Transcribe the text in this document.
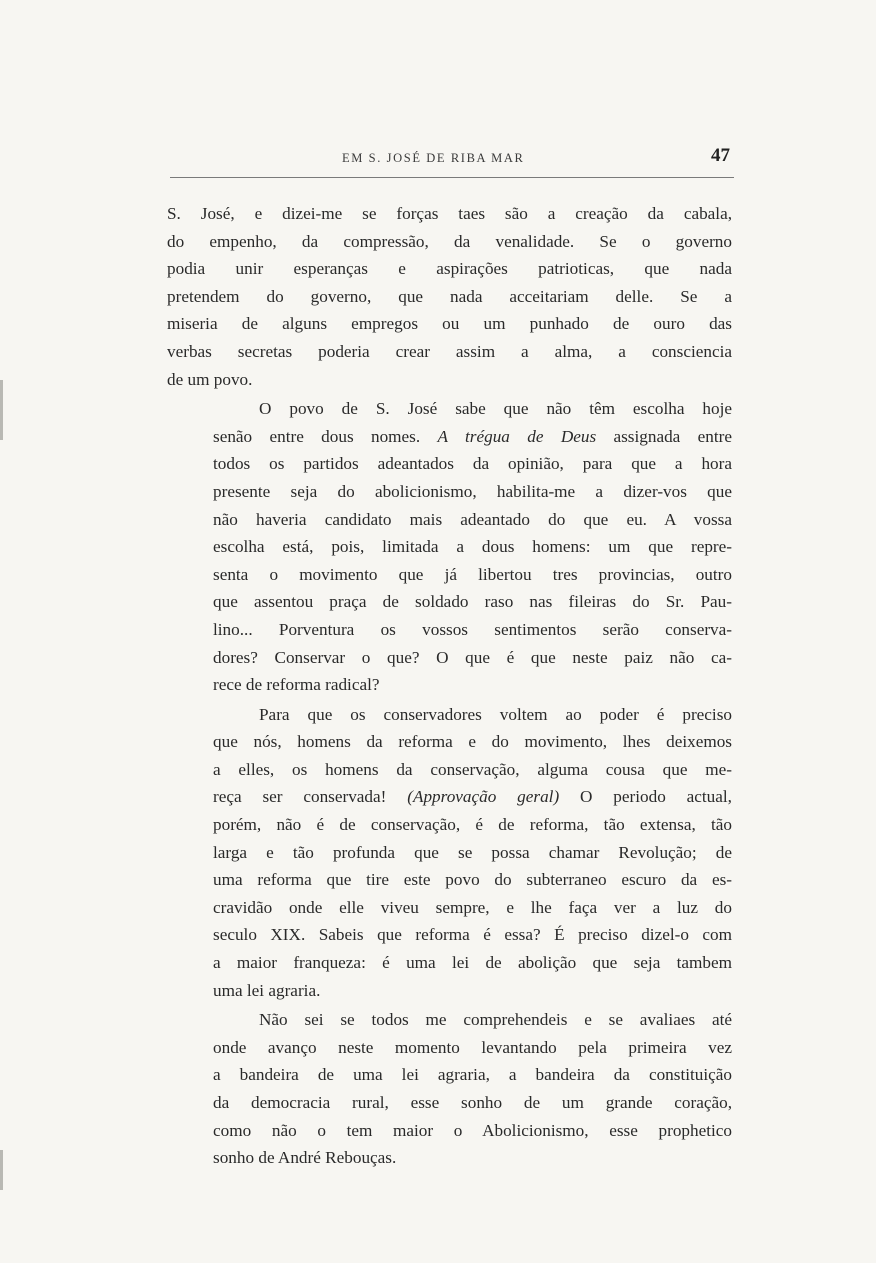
EM S. JOSÉ DE RIBA MAR	47

S. José, e dizei-me se forças taes são a creação da cabala,
do empenho, da compressão, da venalidade. Se o governo
podia unir esperanças e aspirações patrioticas, que nada
pretendem do governo, que nada acceitariam delle. Se a
miseria de alguns empregos ou um punhado de ouro das
verbas secretas poderia crear assim a alma, a consciencia
de um povo.

O povo de S. José sabe que não têm escolha hoje
senão entre dous nomes. A trégua de Deus assignada entre
todos os partidos adeantados da opinião, para que a hora
presente seja do abolicionismo, habilita-me a dizer-vos que
não haveria candidato mais adeantado do que eu. A vossa
escolha está, pois, limitada a dous homens: um que repre-
senta o movimento que já libertou tres provincias, outro
que assentou praça de soldado raso nas fileiras do Sr. Pau-
lino... Porventura os vossos sentimentos serão conserva-
dores? Conservar o que? O que é que neste paiz não ca-
rece de reforma radical?

Para que os conservadores voltem ao poder é preciso
que nós, homens da reforma e do movimento, lhes deixemos
a elles, os homens da conservação, alguma cousa que me-
reça ser conservada! (Approvação geral) O periodo actual,
porém, não é de conservação, é de reforma, tão extensa, tão
larga e tão profunda que se possa chamar Revolução; de
uma reforma que tire este povo do subterraneo escuro da es-
cravidão onde elle viveu sempre, e lhe faça ver a luz do
seculo XIX. Sabeis que reforma é essa? É preciso dizel-o com
a maior franqueza: é uma lei de abolição que seja tambem
uma lei agraria.

Não sei se todos me comprehendeis e se avaliaes até
onde avanço neste momento levantando pela primeira vez
a bandeira de uma lei agraria, a bandeira da constituição
da democracia rural, esse sonho de um grande coração,
como não o tem maior o Abolicionismo, esse prophetico
sonho de André Rebouças.
